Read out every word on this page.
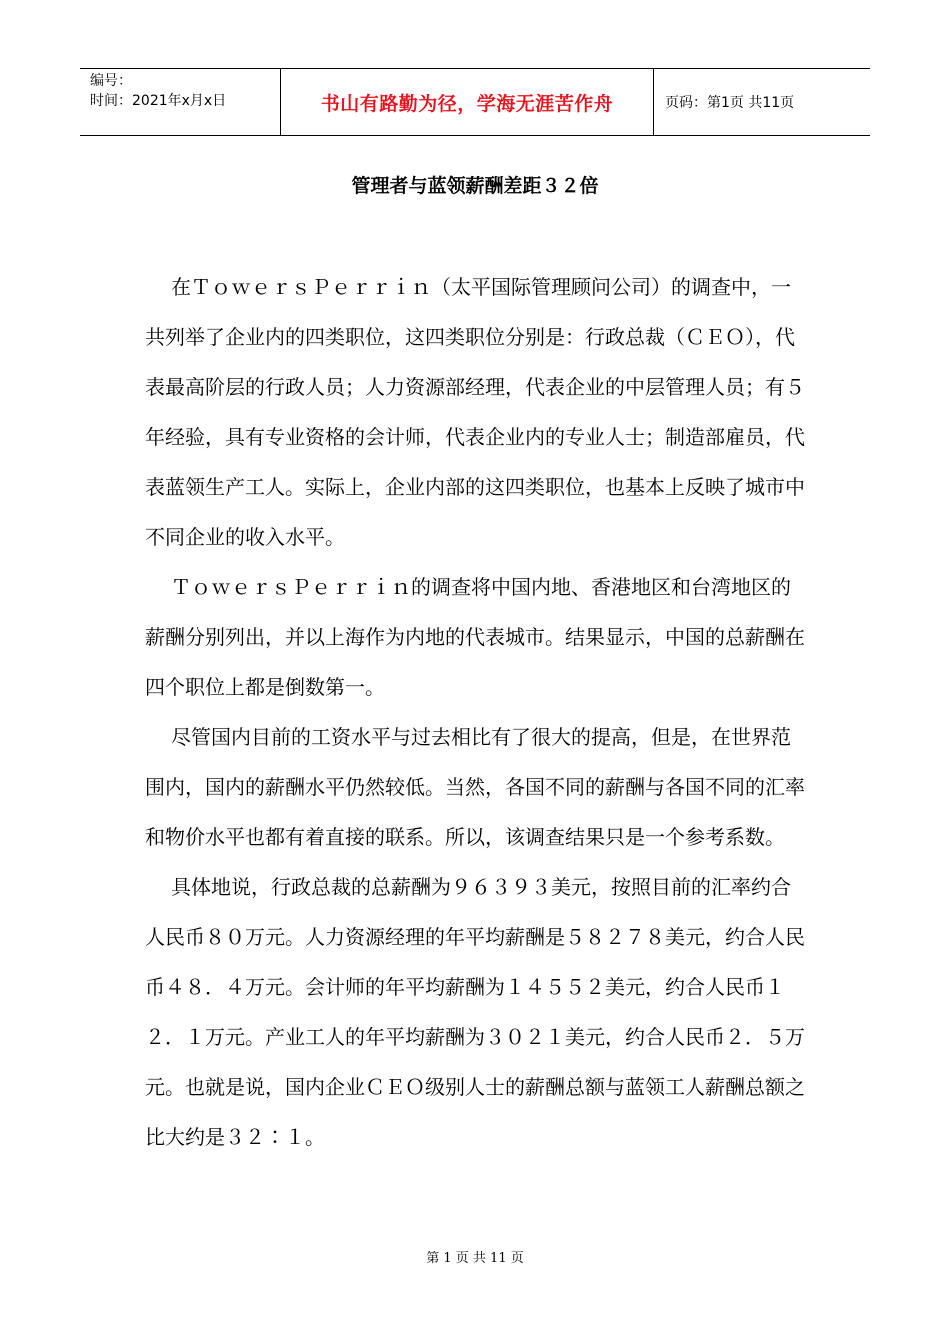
编号：
时间：2021年x月x日	书山有路勤为径，学海无涯苦作舟	页码：第1页 共11页
管理者与蓝领薪酬差距３２倍

在ＴｏｗｅｒｓＰｅｒｒｉｎ（太平国际管理顾问公司）的调查中，一共列举了企业内的四类职位，这四类职位分别是：行政总裁（ＣＥＯ），代表最高阶层的行政人员；人力资源部经理，代表企业的中层管理人员；有５年经验，具有专业资格的会计师，代表企业内的专业人士；制造部雇员，代表蓝领生产工人。实际上，企业内部的这四类职位，也基本上反映了城市中不同企业的收入水平。

ＴｏｗｅｒｓＰｅｒｒｉｎ的调查将中国内地、香港地区和台湾地区的薪酬分别列出，并以上海作为内地的代表城市。结果显示，中国的总薪酬在四个职位上都是倒数第一。

尽管国内目前的工资水平与过去相比有了很大的提高，但是，在世界范围内，国内的薪酬水平仍然较低。当然，各国不同的薪酬与各国不同的汇率和物价水平也都有着直接的联系。所以，该调查结果只是一个参考系数。

具体地说，行政总裁的总薪酬为９６３９３美元，按照目前的汇率约合人民币８０万元。人力资源经理的年平均薪酬是５８２７８美元，约合人民币４８．４万元。会计师的年平均薪酬为１４５５２美元，约合人民币１２．１万元。产业工人的年平均薪酬为３０２１美元，约合人民币２．５万元。也就是说，国内企业ＣＥＯ级别人士的薪酬总额与蓝领工人薪酬总额之比大约是３２∶１。

第 1 页 共 11 页
